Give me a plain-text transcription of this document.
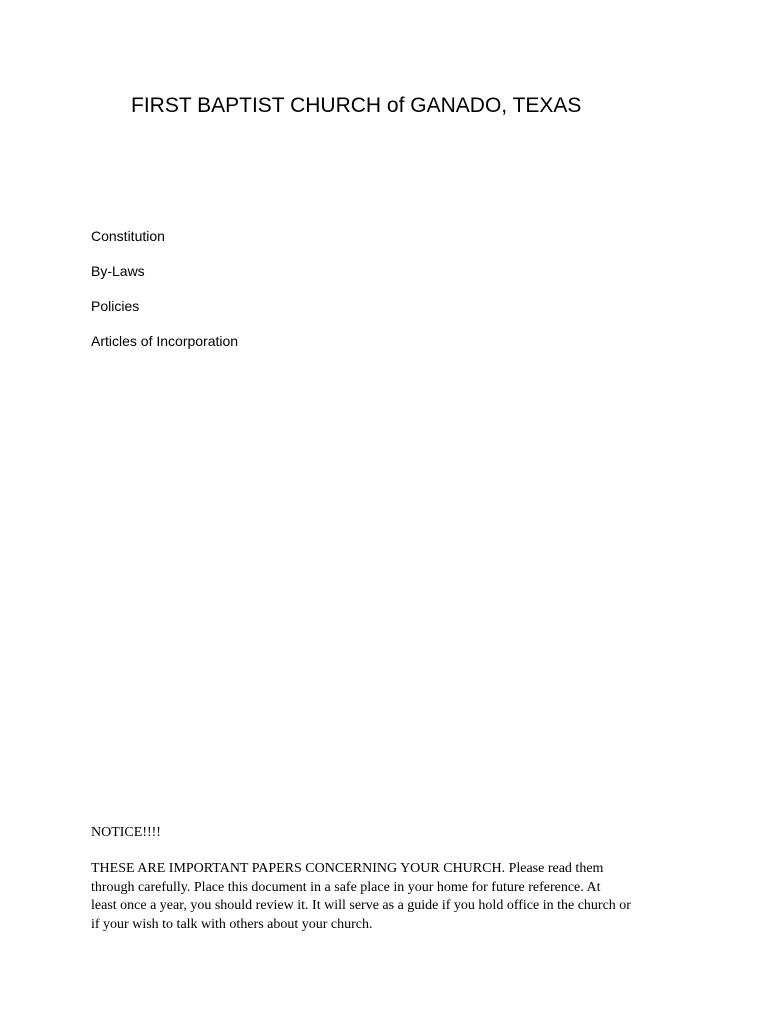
FIRST BAPTIST CHURCH of GANADO, TEXAS
Constitution
By-Laws
Policies
Articles of Incorporation
NOTICE!!!!

THESE ARE IMPORTANT PAPERS CONCERNING YOUR CHURCH. Please read them
through carefully. Place this document in a safe place in your home for future reference. At
least once a year, you should review it. It will serve as a guide if you hold office in the church or
if your wish to talk with others about your church.
